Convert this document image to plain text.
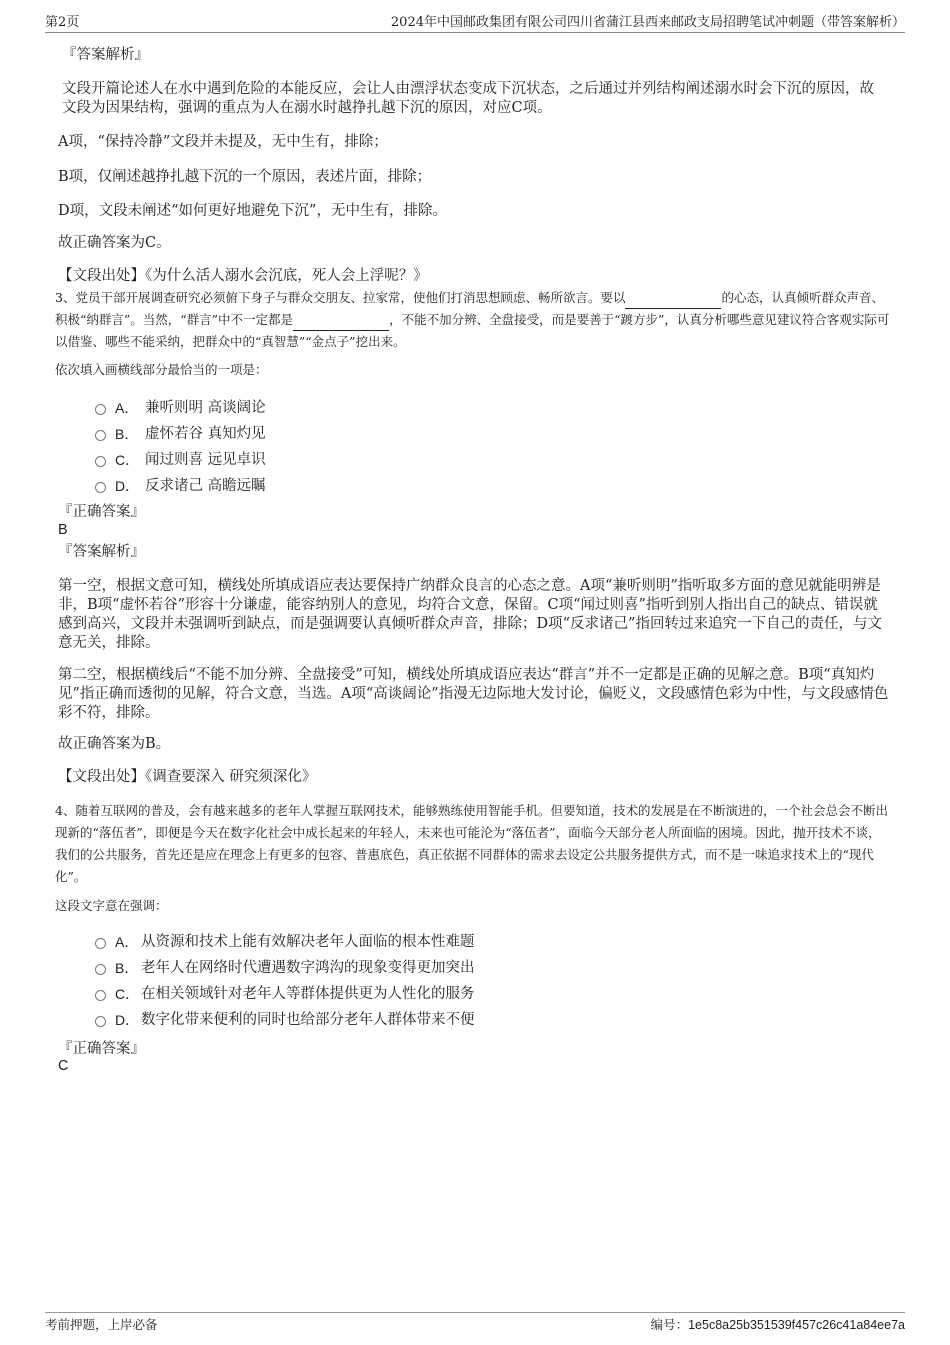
第2页	2024年中国邮政集团有限公司四川省蒲江县西来邮政支局招聘笔试冲刺题（带答案解析）
『答案解析』
文段开篇论述人在水中遇到危险的本能反应，会让人由漂浮状态变成下沉状态，之后通过并列结构阐述溺水时会下沉的原因，故文段为因果结构，强调的重点为人在溺水时越挣扎越下沉的原因，对应C项。
A项，“保持冷静”文段并未提及，无中生有，排除；
B项，仅阐述越挣扎越下沉的一个原因，表述片面，排除；
D项，文段未阐述“如何更好地避免下沉”，无中生有，排除。
故正确答案为C。
【文段出处】《为什么活人溺水会沉底，死人会上浮呢？》
3、党员干部开展调查研究必须俯下身子与群众交朋友、拉家常，使他们打消思想顾虑、畅所欲言。要以	的心态，认真倾听群众声音、积极“纳群言”。当然，“群言”中不一定都是	，不能不加分辨、全盘接受，而是要善于“踱方步”，认真分析哪些意见建议符合客观实际可以借鉴、哪些不能采纳，把群众中的“真智慧”“金点子”挖出来。
依次填入画横线部分最恰当的一项是：
A． 兼听则明 高谈阔论
B． 虚怀若谷 真知灼见
C． 闻过则喜 远见卓识
D． 反求诸己 高瞻远瞩
『正确答案』
B
『答案解析』
第一空，根据文意可知，横线处所填成语应表达要保持广纳群众良言的心态之意。A项“兼听则明”指听取多方面的意见就能明辨是非，B项“虚怀若谷”形容十分谦虚，能容纳别人的意见，均符合文意，保留。C项“闻过则喜”指听到别人指出自己的缺点、错误就感到高兴，文段并未强调听到缺点，而是强调要认真倾听群众声音，排除；D项“反求诸己”指回转过来追究一下自己的责任，与文意无关，排除。
第二空，根据横线后“不能不加分辨、全盘接受”可知，横线处所填成语应表达“群言”并不一定都是正确的见解之意。B项“真知灼见”指正确而透彻的见解，符合文意，当选。A项“高谈阔论”指漫无边际地大发讨论，偏贬义，文段感情色彩为中性，与文段感情色彩不符，排除。
故正确答案为B。
【文段出处】《调查要深入 研究须深化》
4、随着互联网的普及，会有越来越多的老年人掌握互联网技术，能够熟练使用智能手机。但要知道，技术的发展是在不断演进的，一个社会总会不断出现新的“落伍者”，即便是今天在数字化社会中成长起来的年轻人，未来也可能沦为“落伍者”，面临今天部分老人所面临的困境。因此，抛开技术不谈，我们的公共服务，首先还是应在理念上有更多的包容、普惠底色，真正依据不同群体的需求去设定公共服务提供方式，而不是一味追求技术上的“现代化”。
这段文字意在强调：
A． 从资源和技术上能有效解决老年人面临的根本性难题
B． 老年人在网络时代遭遇数字鸿沟的现象变得更加突出
C． 在相关领域针对老年人等群体提供更为人性化的服务
D． 数字化带来便利的同时也给部分老年人群体带来不便
『正确答案』
C
考前押题，上岸必备	编号：1e5c8a25b351539f457c26c41a84ee7a
